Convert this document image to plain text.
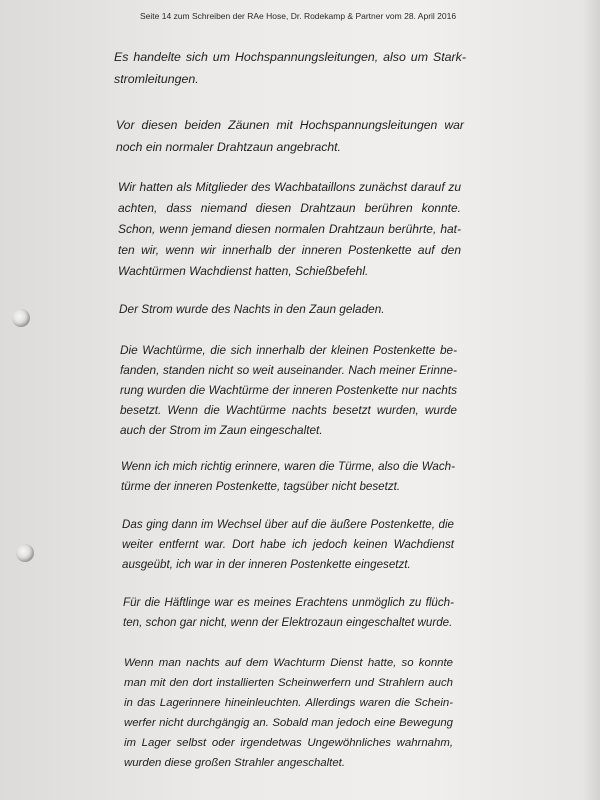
Seite 14 zum Schreiben der RAe Hose, Dr. Rodekamp & Partner vom 28. April 2016
Es handelte sich um Hochspannungsleitungen, also um Stark-
stromleitungen.
Vor diesen beiden Zäunen mit Hochspannungsleitungen war
noch ein normaler Drahtzaun angebracht.
Wir hatten als Mitglieder des Wachbataillons zunächst darauf zu
achten, dass niemand diesen Drahtzaun berühren konnte.
Schon, wenn jemand diesen normalen Drahtzaun berührte, hat-
ten wir, wenn wir innerhalb der inneren Postenkette auf den
Wachtürmen Wachdienst hatten, Schießbefehl.
Der Strom wurde des Nachts in den Zaun geladen.
Die Wachtürme, die sich innerhalb der kleinen Postenkette be-
fanden, standen nicht so weit auseinander. Nach meiner Erinne-
rung wurden die Wachtürme der inneren Postenkette nur nachts
besetzt. Wenn die Wachtürme nachts besetzt wurden, wurde
auch der Strom im Zaun eingeschaltet.
Wenn ich mich richtig erinnere, waren die Türme, also die Wach-
türme der inneren Postenkette, tagsüber nicht besetzt.
Das ging dann im Wechsel über auf die äußere Postenkette, die
weiter entfernt war. Dort habe ich jedoch keinen Wachdienst
ausgeübt, ich war in der inneren Postenkette eingesetzt.
Für die Häftlinge war es meines Erachtens unmöglich zu flüch-
ten, schon gar nicht, wenn der Elektrozaun eingeschaltet wurde.
Wenn man nachts auf dem Wachturm Dienst hatte, so konnte
man mit den dort installierten Scheinwerfern und Strahlern auch
in das Lagerinnere hineinleuchten. Allerdings waren die Schein-
werfer nicht durchgängig an. Sobald man jedoch eine Bewegung
im Lager selbst oder irgendetwas Ungewöhnliches wahrnahm,
wurden diese großen Strahler angeschaltet.
